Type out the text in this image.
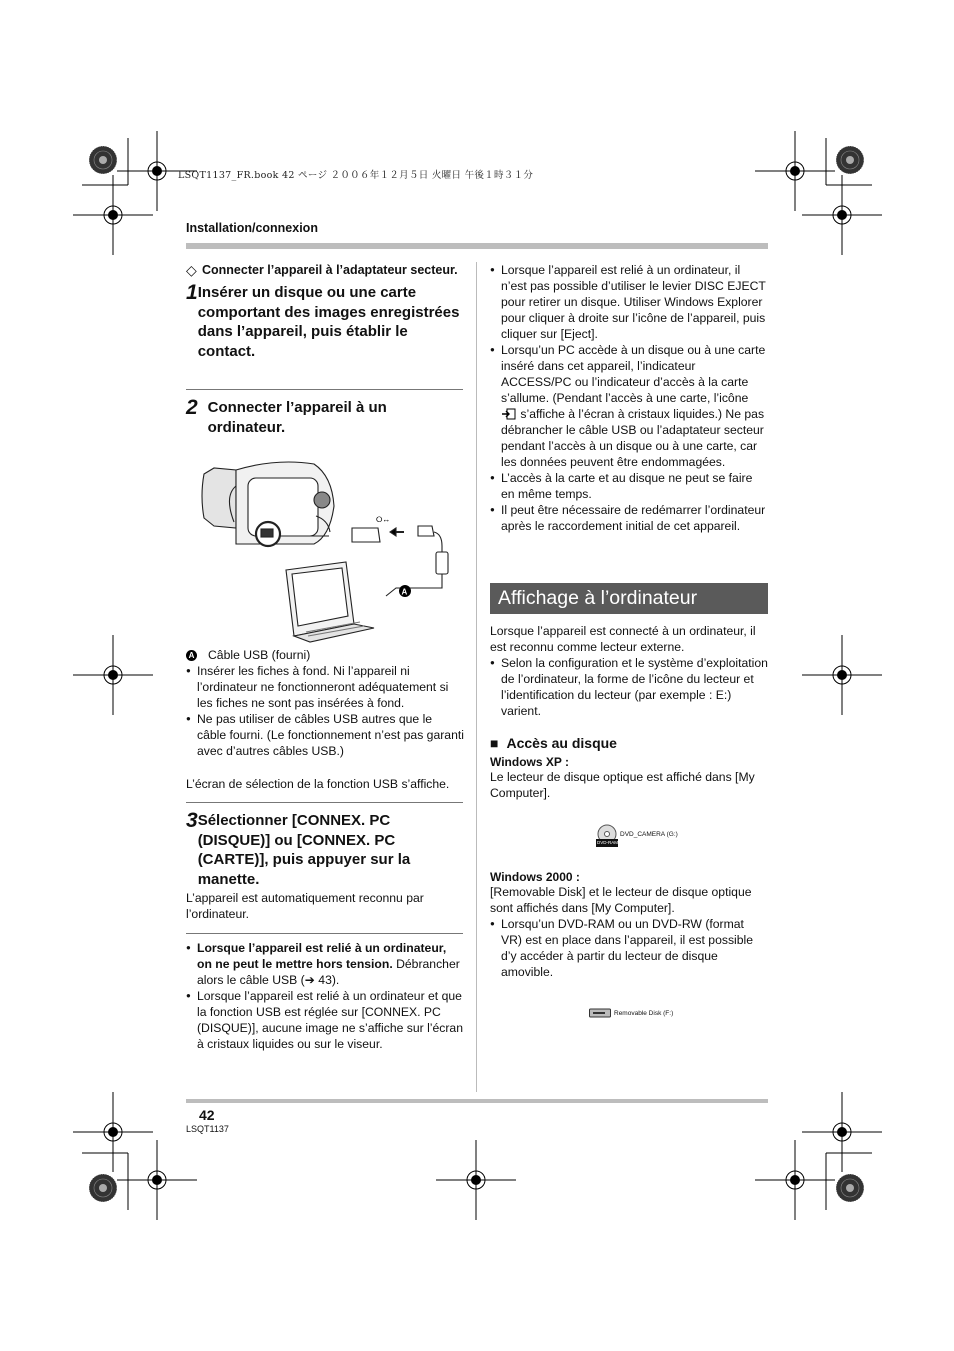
LSQT1137_FR.book 42 ページ ２００６年１２月５日 火曜日 午後１時３１分
Installation/connexion
◇ Connecter l’appareil à l’adaptateur secteur.
1 Insérer un disque ou une carte comportant des images enregistrées dans l’appareil, puis établir le contact.
2 Connecter l’appareil à un ordinateur.
⭘↔
A
A Câble USB (fourni)
● Insérer les fiches à fond. Ni l’appareil ni l’ordinateur ne fonctionneront adéquatement si les fiches ne sont pas insérées à fond.
● Ne pas utiliser de câbles USB autres que le câble fourni. (Le fonctionnement n’est pas garanti avec d’autres câbles USB.)

L’écran de sélection de la fonction USB s’affiche.

3 Sélectionner [CONNEX. PC (DISQUE)] ou [CONNEX. PC (CARTE)], puis appuyer sur la manette.

L’appareil est automatiquement reconnu par l’ordinateur.

● Lorsque l’appareil est relié à un ordinateur, on ne peut le mettre hors tension. Débrancher alors le câble USB (➔ 43).
● Lorsque l’appareil est relié à un ordinateur et que la fonction USB est réglée sur [CONNEX. PC (DISQUE)], aucune image ne s’affiche sur l’écran à cristaux liquides ou sur le viseur.
● Lorsque l’appareil est relié à un ordinateur, il n’est pas possible d’utiliser le levier DISC EJECT pour retirer un disque. Utiliser Windows Explorer pour cliquer à droite sur l’icône de l’appareil, puis cliquer sur [Eject].
● Lorsqu’un PC accède à un disque ou à une carte inséré dans cet appareil, l’indicateur ACCESS/PC ou l’indicateur d’accès à la carte s’allume. (Pendant l’accès à une carte, l’icône
s’affiche à l’écran à cristaux liquides.) Ne pas débrancher le câble USB ou l’adaptateur secteur pendant l’accès à un disque ou à une carte, car les données peuvent être endommagées.
● L’accès à la carte et au disque ne peut se faire en même temps.
● Il peut être nécessaire de redémarrer l’ordinateur après le raccordement initial de cet appareil.
Affichage à l’ordinateur

Lorsque l’appareil est connecté à un ordinateur, il est reconnu comme lecteur externe.

● Selon la configuration et le système d’exploitation de l’ordinateur, la forme de l’icône du lecteur et l’identification du lecteur (par exemple : E:) varient.
■ Accès au disque
Windows XP :

Le lecteur de disque optique est affiché dans [My Computer].

DVD_CAMERA (G:)
DVD-RAM
Windows 2000 :

[Removable Disk] et le lecteur de disque optique sont affichés dans [My Computer].

● Lorsqu’un DVD-RAM ou un DVD-RW (format VR) est en place dans l’appareil, il est possible d’y accéder à partir du lecteur de disque amovible.
Removable Disk (F:)
42
LSQT1137
